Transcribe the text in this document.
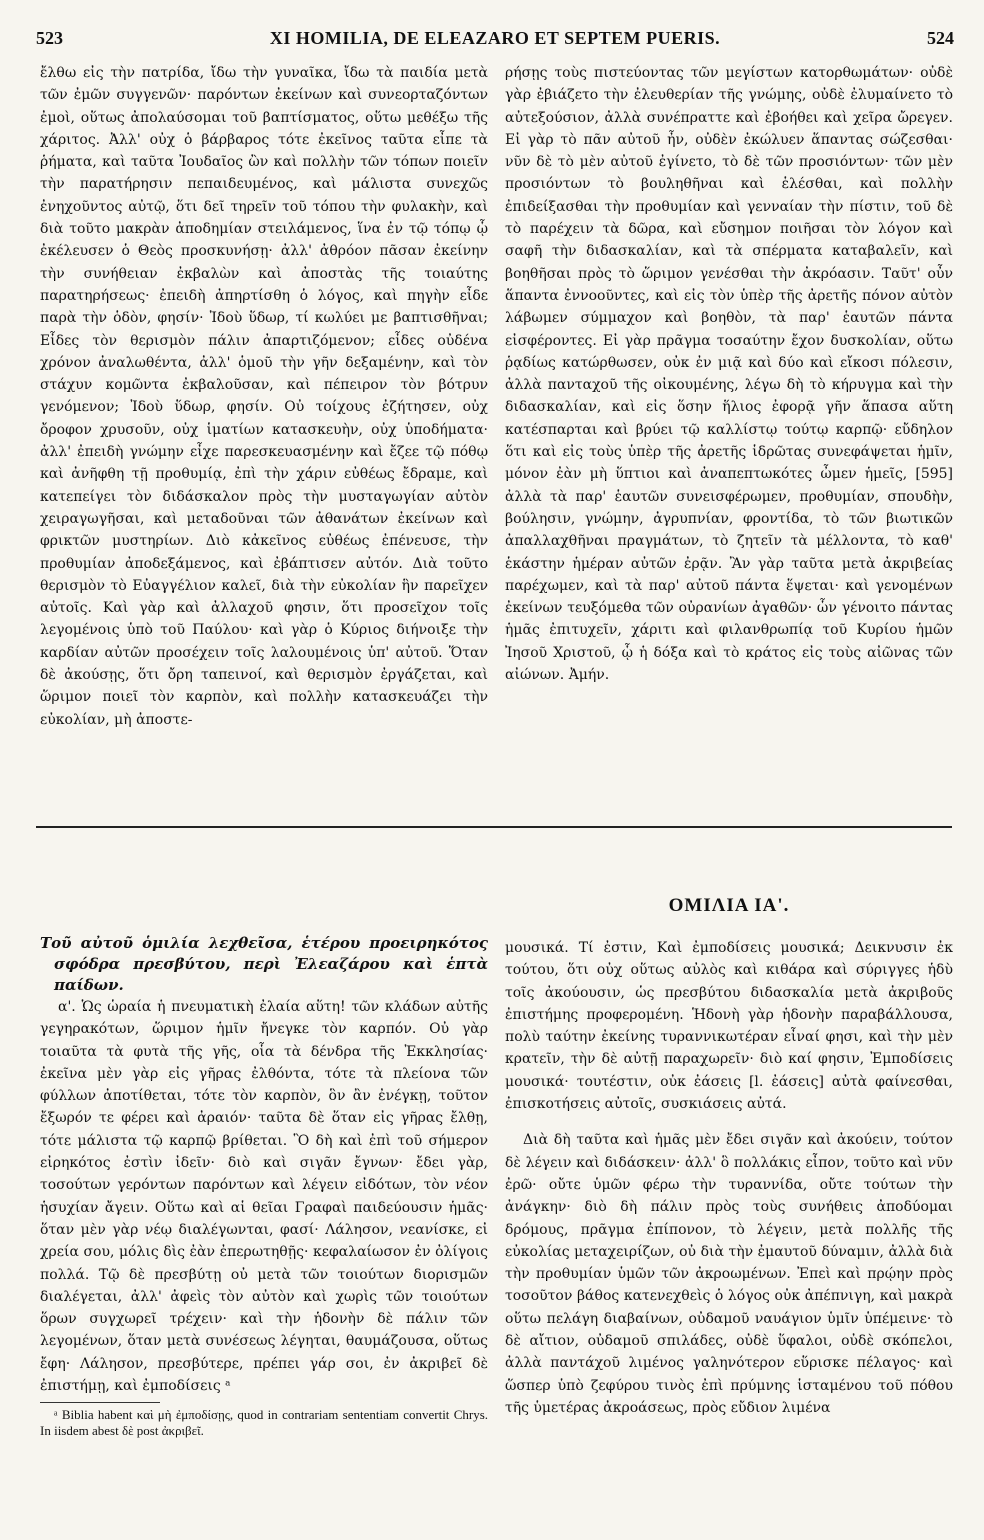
523	XI HOMILIA, DE ELEAZARO ET SEPTEM PUERIS.	524

ἔλθω εἰς τὴν πατρίδα, ἴδω τὴν γυναῖκα, ἴδω τὰ παιδία μετὰ τῶν ἐμῶν συγγενῶν· παρόντων ἐκείνων καὶ συνεορταζόντων ἐμοὶ, οὕτως ἀπολαύσομαι τοῦ βαπτίσματος, οὕτω μεθέξω τῆς χάριτος. Ἀλλ' οὐχ ὁ βάρβαρος τότε ἐκεῖνος ταῦτα εἶπε τὰ ῥήματα, καὶ ταῦτα Ἰουδαῖος ὢν καὶ πολλὴν τῶν τόπων ποιεῖν τὴν παρατήρησιν πεπαιδευμένος, καὶ μάλιστα συνεχῶς ἐνηχοῦντος αὐτῷ, ὅτι δεῖ τηρεῖν τοῦ τόπου τὴν φυλακὴν, καὶ διὰ τοῦτο μακρὰν ἀποδημίαν στειλάμενος, ἵνα ἐν τῷ τόπῳ ᾧ ἐκέλευσεν ὁ Θεὸς προσκυνήσῃ· ἀλλ' ἀθρόον πᾶσαν ἐκείνην τὴν συνήθειαν ἐκβαλὼν καὶ ἀποστὰς τῆς τοιαύτης παρατηρήσεως· ἐπειδὴ ἀπηρτίσθη ὁ λόγος, καὶ πηγὴν εἶδε παρὰ τὴν ὁδὸν, φησίν· Ἰδοὺ ὕδωρ, τί κωλύει με βαπτισθῆναι; Εἶδες τὸν θερισμὸν πάλιν ἀπαρτιζόμενον; εἶδες οὐδένα χρόνον ἀναλωθέντα, ἀλλ' ὁμοῦ τὴν γῆν δεξαμένην, καὶ τὸν στάχυν κομῶντα ἐκβαλοῦσαν, καὶ πέπειρον τὸν βότρυν γενόμενον; Ἰδοὺ ὕδωρ, φησίν. Οὐ τοίχους ἐζήτησεν, οὐχ ὄροφον χρυσοῦν, οὐχ ἱματίων κατασκευὴν, οὐχ ὑποδήματα· ἀλλ' ἐπειδὴ γνώμην εἶχε παρεσκευασμένην καὶ ἔζεε τῷ πόθῳ καὶ ἀνῆφθη τῇ προθυμίᾳ, ἐπὶ τὴν χάριν εὐθέως ἔδραμε, καὶ κατεπείγει τὸν διδάσκαλον πρὸς τὴν μυσταγωγίαν αὐτὸν χειραγωγῆσαι, καὶ μεταδοῦναι τῶν ἀθανάτων ἐκείνων καὶ φρικτῶν μυστηρίων. Διὸ κἀκεῖνος εὐθέως ἐπένευσε, τὴν προθυμίαν ἀποδεξάμενος, καὶ ἐβάπτισεν αὐτόν. Διὰ τοῦτο θερισμὸν τὸ Εὐαγγέλιον καλεῖ, διὰ τὴν εὐκολίαν ἣν παρεῖχεν αὐτοῖς. Καὶ γὰρ καὶ ἀλλαχοῦ φησιν, ὅτι προσεῖχον τοῖς λεγομένοις ὑπὸ τοῦ Παύλου· καὶ γὰρ ὁ Κύριος διήνοιξε τὴν καρδίαν αὐτῶν προσέχειν τοῖς λαλουμένοις ὑπ' αὐτοῦ. Ὅταν δὲ ἀκούσῃς, ὅτι ὄρη ταπεινοί, καὶ θερισμὸν ἐργάζεται, καὶ ὥριμον ποιεῖ τὸν καρπὸν, καὶ πολλὴν κατασκευάζει τὴν εὐκολίαν, μὴ ἀποστε-

ρήσῃς τοὺς πιστεύοντας τῶν μεγίστων κατορθωμάτων· οὐδὲ γὰρ ἐβιάζετο τὴν ἐλευθερίαν τῆς γνώμης, οὐδὲ ἐλυμαίνετο τὸ αὐτεξούσιον, ἀλλὰ συνέπραττε καὶ ἐβοήθει καὶ χεῖρα ὤρεγεν. Εἰ γὰρ τὸ πᾶν αὐτοῦ ἦν, οὐδὲν ἐκώλυεν ἅπαντας σώζεσθαι· νῦν δὲ τὸ μὲν αὐτοῦ ἐγίνετο, τὸ δὲ τῶν προσιόντων· τῶν μὲν προσιόντων τὸ βουληθῆναι καὶ ἑλέσθαι, καὶ πολλὴν ἐπιδείξασθαι τὴν προθυμίαν καὶ γενναίαν τὴν πίστιν, τοῦ δὲ τὸ παρέχειν τὰ δῶρα, καὶ εὔσημον ποιῆσαι τὸν λόγον καὶ σαφῆ τὴν διδασκαλίαν, καὶ τὰ σπέρματα καταβαλεῖν, καὶ βοηθῆσαι πρὸς τὸ ὥριμον γενέσθαι τὴν ἀκρόασιν. Ταῦτ' οὖν ἅπαντα ἐννοοῦντες, καὶ εἰς τὸν ὑπὲρ τῆς ἀρετῆς πόνον αὐτὸν λάβωμεν σύμμαχον καὶ βοηθὸν, τὰ παρ' ἑαυτῶν πάντα εἰσφέροντες. Εἰ γὰρ πρᾶγμα τοσαύτην ἔχον δυσκολίαν, οὕτω ῥᾳδίως κατώρθωσεν, οὐκ ἐν μιᾷ καὶ δύο καὶ εἴκοσι πόλεσιν, ἀλλὰ πανταχοῦ τῆς οἰκουμένης, λέγω δὴ τὸ κήρυγμα καὶ τὴν διδασκαλίαν, καὶ εἰς ὅσην ἥλιος ἐφορᾷ γῆν ἅπασα αὕτη κατέσπαρται καὶ βρύει τῷ καλλίστῳ τούτῳ καρπῷ· εὔδηλον ὅτι καὶ εἰς τοὺς ὑπὲρ τῆς ἀρετῆς ἱδρῶτας συνεφάψεται ἡμῖν, μόνον ἐὰν μὴ ὕπτιοι καὶ ἀναπεπτωκότες ὦμεν ἡμεῖς, [595] ἀλλὰ τὰ παρ' ἑαυτῶν συνεισφέρωμεν, προθυμίαν, σπουδὴν, βούλησιν, γνώμην, ἀγρυπνίαν, φροντίδα, τὸ τῶν βιωτικῶν ἀπαλλαχθῆναι πραγμάτων, τὸ ζητεῖν τὰ μέλλοντα, τὸ καθ' ἑκάστην ἡμέραν αὐτῶν ἐρᾷν. Ἂν γὰρ ταῦτα μετὰ ἀκριβείας παρέχωμεν, καὶ τὰ παρ' αὐτοῦ πάντα ἕψεται· καὶ γενομένων ἐκείνων τευξόμεθα τῶν οὐρανίων ἀγαθῶν· ὧν γένοιτο πάντας ἡμᾶς ἐπιτυχεῖν, χάριτι καὶ φιλανθρωπίᾳ τοῦ Κυρίου ἡμῶν Ἰησοῦ Χριστοῦ, ᾧ ἡ δόξα καὶ τὸ κράτος εἰς τοὺς αἰῶνας τῶν αἰώνων. Ἀμήν.

ΟΜΙΛΙΑ ΙΑ'.

Τοῦ αὐτοῦ ὁμιλία λεχθεῖσα, ἑτέρου προειρηκότος σφόδρα πρεσβύτου, περὶ Ἐλεαζάρου καὶ ἑπτὰ παίδων.

α'. Ὡς ὡραία ἡ πνευματικὴ ἐλαία αὕτη! τῶν κλάδων αὐτῆς γεγηρακότων, ὥριμον ἡμῖν ἤνεγκε τὸν καρπόν. Οὐ γὰρ τοιαῦτα τὰ φυτὰ τῆς γῆς, οἷα τὰ δένδρα τῆς Ἐκκλησίας· ἐκεῖνα μὲν γὰρ εἰς γῆρας ἐλθόντα, τότε τὰ πλείονα τῶν φύλλων ἀποτίθεται, τότε τὸν καρπὸν, ὃν ἂν ἐνέγκῃ, τοῦτον ἔξωρόν τε φέρει καὶ ἀραιόν· ταῦτα δὲ ὅταν εἰς γῆρας ἔλθῃ, τότε μάλιστα τῷ καρπῷ βρίθεται. Ὃ δὴ καὶ ἐπὶ τοῦ σήμερον εἰρηκότος ἐστὶν ἰδεῖν· διὸ καὶ σιγᾶν ἔγνων· ἔδει γὰρ, τοσούτων γερόντων παρόντων καὶ λέγειν εἰδότων, τὸν νέον ἡσυχίαν ἄγειν. Οὕτω καὶ αἱ θεῖαι Γραφαὶ παιδεύουσιν ἡμᾶς· ὅταν μὲν γὰρ νέῳ διαλέγωνται, φασί· Λάλησον, νεανίσκε, εἰ χρεία σου, μόλις δὶς ἐὰν ἐπερωτηθῇς· κεφαλαίωσον ἐν ὀλίγοις πολλά. Τῷ δὲ πρεσβύτῃ οὐ μετὰ τῶν τοιούτων διορισμῶν διαλέγεται, ἀλλ' ἀφεὶς τὸν αὐτὸν καὶ χωρὶς τῶν τοιούτων ὅρων συγχωρεῖ τρέχειν· καὶ τὴν ἡδονὴν δὲ πάλιν τῶν λεγομένων, ὅταν μετὰ συνέσεως λέγηται, θαυμάζουσα, οὕτως ἔφη· Λάλησον, πρεσβύτερε, πρέπει γάρ σοι, ἐν ἀκριβεῖ δὲ ἐπιστήμῃ, καὶ ἐμποδίσεις ᵃ

ᵃ Biblia habent καὶ μὴ ἐμποδίσῃς, quod in contrariam sententiam convertit Chrys. In iisdem abest δὲ post ἀκριβεῖ.

μουσικά. Τί ἐστιν, Καὶ ἐμποδίσεις μουσικά; Δεικνυσιν ἐκ τούτου, ὅτι οὐχ οὕτως αὐλὸς καὶ κιθάρα καὶ σύριγγες ἡδὺ τοῖς ἀκούουσιν, ὡς πρεσβύτου διδασκαλία μετὰ ἀκριβοῦς ἐπιστήμης προφερομένη. Ἡδονὴ γὰρ ἡδονὴν παραβάλλουσα, πολὺ ταύτην ἐκείνης τυραννικωτέραν εἶναί φησι, καὶ τὴν μὲν κρατεῖν, τὴν δὲ αὐτῇ παραχωρεῖν· διὸ καί φησιν, Ἐμποδίσεις μουσικά· τουτέστιν, οὐκ ἐάσεις [l. ἐάσεις] αὐτὰ φαίνεσθαι, ἐπισκοτήσεις αὐτοῖς, συσκιάσεις αὐτά.

Διὰ δὴ ταῦτα καὶ ἡμᾶς μὲν ἔδει σιγᾶν καὶ ἀκούειν, τούτον δὲ λέγειν καὶ διδάσκειν· ἀλλ' ὃ πολλάκις εἶπον, τοῦτο καὶ νῦν ἐρῶ· οὔτε ὑμῶν φέρω τὴν τυραννίδα, οὔτε τούτων τὴν ἀνάγκην· διὸ δὴ πάλιν πρὸς τοὺς συνήθεις ἀποδύομαι δρόμους, πρᾶγμα ἐπίπονον, τὸ λέγειν, μετὰ πολλῆς τῆς εὐκολίας μεταχειρίζων, οὐ διὰ τὴν ἐμαυτοῦ δύναμιν, ἀλλὰ διὰ τὴν προθυμίαν ὑμῶν τῶν ἀκροωμένων. Ἐπεὶ καὶ πρῴην πρὸς τοσοῦτον βάθος κατενεχθεὶς ὁ λόγος οὐκ ἀπέπνιγη, καὶ μακρὰ οὕτω πελάγη διαβαίνων, οὐδαμοῦ ναυάγιον ὑμῖν ὑπέμεινε· τὸ δὲ αἴτιον, οὐδαμοῦ σπιλάδες, οὐδὲ ὕφαλοι, οὐδὲ σκόπελοι, ἀλλὰ παντάχοῦ λιμένος γαληνότερον εὕρισκε πέλαγος· καὶ ὥσπερ ὑπὸ ζεφύρου τινὸς ἐπὶ πρύμνης ἱσταμένου τοῦ πόθου τῆς ὑμετέρας ἀκροάσεως, πρὸς εὔδιον λιμένα
